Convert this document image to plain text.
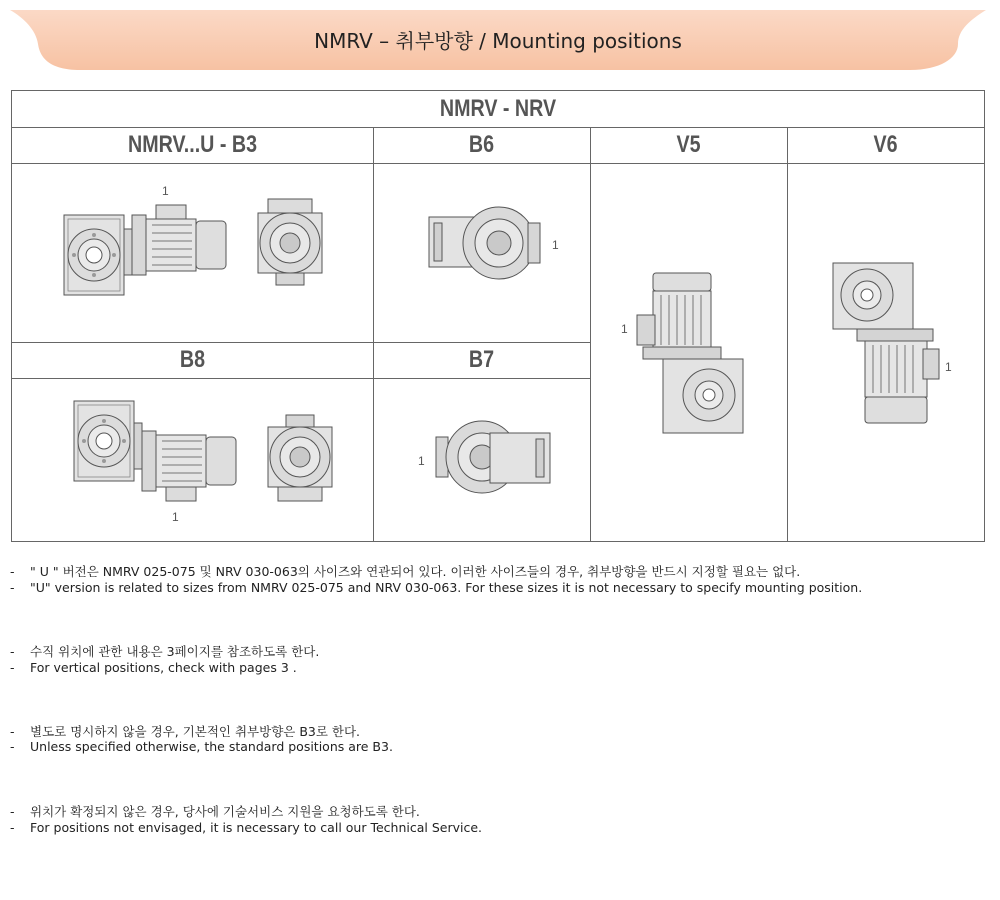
NMRV – 취부방향 / Mounting positions
NMRV - NRV
NMRV...U - B3	B6	V5	V6
B8	B7
1
1
1
1
1
1
- " U " 버전은 NMRV 025-075 및 NRV 030-063의 사이즈와 연관되어 있다. 이러한 사이즈들의 경우, 취부방향을 반드시 지정할 필요는 없다.
- "U" version is related to sizes from NMRV 025-075 and NRV 030-063. For these sizes it is not necessary to specify mounting position.
- 수직 위치에 관한 내용은 3페이지를 참조하도록 한다.
- For vertical positions, check with pages 3 .
- 별도로 명시하지 않을 경우, 기본적인 취부방향은 B3로 한다.
- Unless specified otherwise, the standard positions are B3.
- 위치가 확정되지 않은 경우, 당사에 기술서비스 지원을 요청하도록 한다.
- For positions not envisaged, it is necessary to call our Technical Service.
